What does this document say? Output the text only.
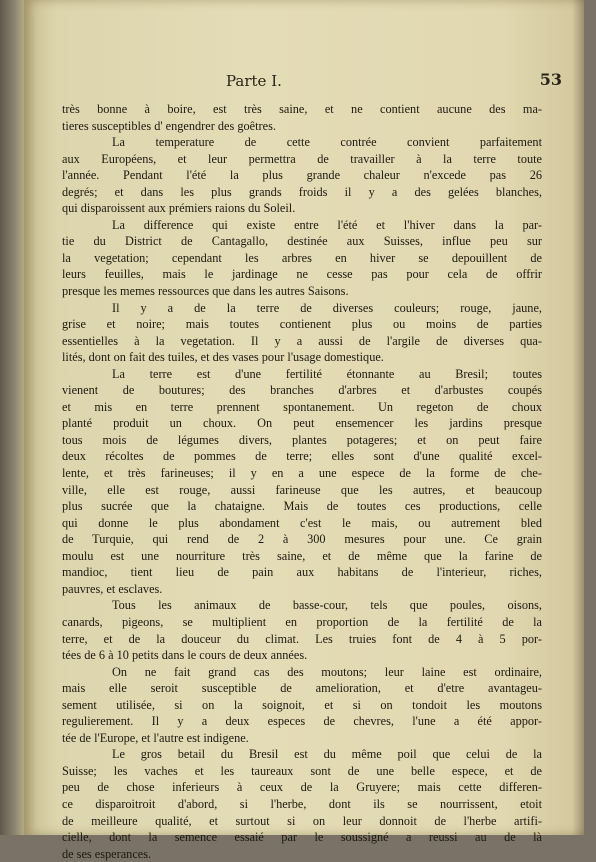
Parte I.	53
très bonne à boire, est très saine, et ne contient aucune des ma-
tieres susceptibles d' engendrer des goêtres.
La temperature de cette contrée convient parfaitement
aux Européens, et leur permettra de travailler à la terre toute
l'année. Pendant l'été la plus grande chaleur n'excede pas 26
degrés; et dans les plus grands froids il y a des gelées blanches,
qui disparoissent aux prémiers raions du Soleil.
La difference qui existe entre l'été et l'hiver dans la par-
tie du District de Cantagallo, destinée aux Suisses, influe peu sur
la vegetation; cependant les arbres en hiver se depouillent de
leurs feuilles, mais le jardinage ne cesse pas pour cela de offrir
presque les memes ressources que dans les autres Saisons.
Il y a de la terre de diverses couleurs; rouge, jaune,
grise et noire; mais toutes contienent plus ou moins de parties
essentielles à la vegetation. Il y a aussi de l'argile de diverses qua-
lités, dont on fait des tuiles, et des vases pour l'usage domestique.
La terre est d'une fertilité étonnante au Bresil; toutes
vienent de boutures; des branches d'arbres et d'arbustes coupés
et mis en terre prennent spontanement. Un regeton de choux
planté produit un choux. On peut ensemencer les jardins presque
tous mois de légumes divers, plantes potageres; et on peut faire
deux récoltes de pommes de terre; elles sont d'une qualité excel-
lente, et très farineuses; il y en a une espece de la forme de che-
ville, elle est rouge, aussi farineuse que les autres, et beaucoup
plus sucrée que la chataigne. Mais de toutes ces productions, celle
qui donne le plus abondament c'est le mais, ou autrement bled
de Turquie, qui rend de 2 à 300 mesures pour une. Ce grain
moulu est une nourriture très saine, et de même que la farine de
mandioc, tient lieu de pain aux habitans de l'interieur, riches,
pauvres, et esclaves.
Tous les animaux de basse-cour, tels que poules, oisons,
canards, pigeons, se multiplient en proportion de la fertilité de la
terre, et de la douceur du climat. Les truies font de 4 à 5 por-
tées de 6 à 10 petits dans le cours de deux années.
On ne fait grand cas des moutons; leur laine est ordinaire,
mais elle seroit susceptible de amelioration, et d'etre avantageu-
sement utilisée, si on la soignoit, et si on tondoit les moutons
regulierement. Il y a deux especes de chevres, l'une a été appor-
tée de l'Europe, et l'autre est indigene.
Le gros betail du Bresil est du même poil que celui de la
Suisse; les vaches et les taureaux sont de une belle espece, et de
peu de chose inferieurs à ceux de la Gruyere; mais cette differen-
ce disparoitroit d'abord, si l'herbe, dont ils se nourrissent, etoit
de meilleure qualité, et surtout si on leur donnoit de l'herbe artifi-
cielle, dont la semence essaié par le soussigné a reussi au de là
de ses esperances.
